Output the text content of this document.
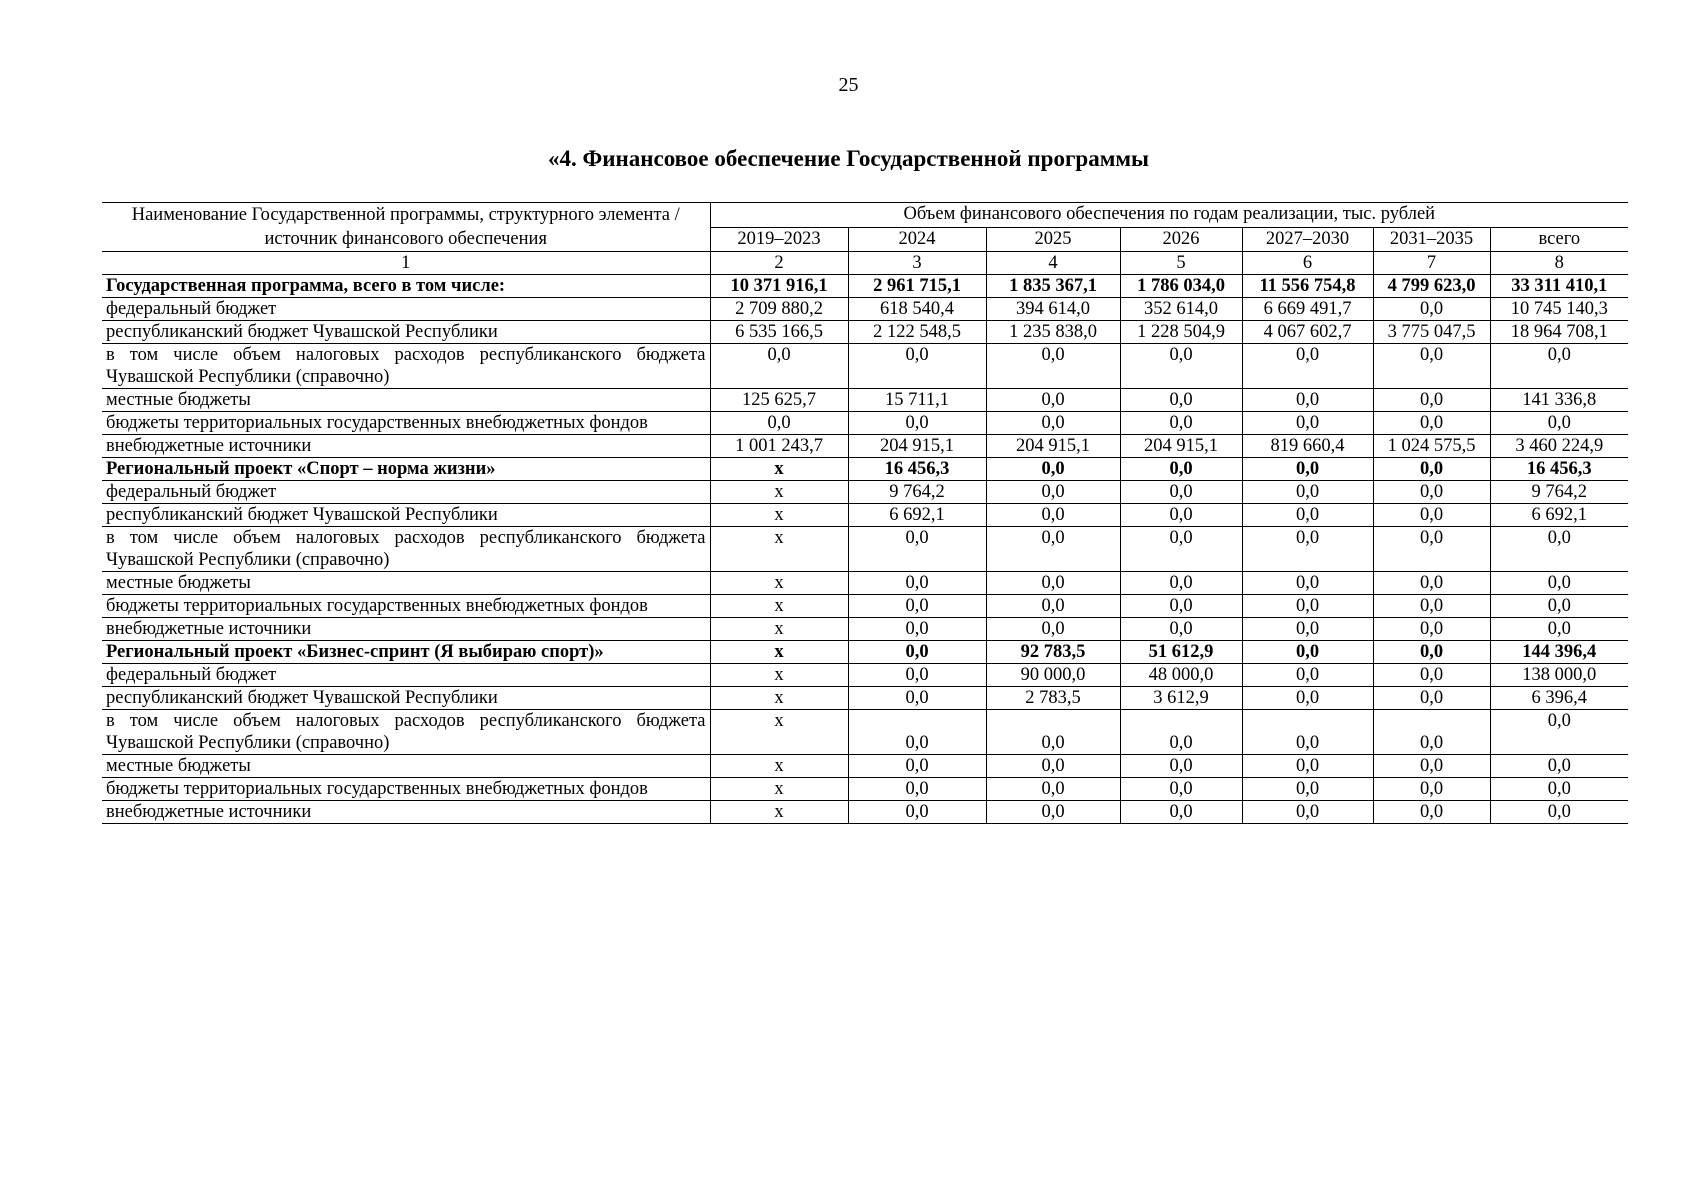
25
«4. Финансовое обеспечение Государственной программы
Наименование Государственной программы, структурного элемента / источник финансового обеспечения	Объем финансового обеспечения по годам реализации, тыс. рублей						
	2019–2023	2024	2025	2026	2027–2030	2031–2035	всего
1	2	3	4	5	6	7	8
Государственная программа, всего в том числе:	10 371 916,1	2 961 715,1	1 835 367,1	1 786 034,0	11 556 754,8	4 799 623,0	33 311 410,1
федеральный бюджет	2 709 880,2	618 540,4	394 614,0	352 614,0	6 669 491,7	0,0	10 745 140,3
республиканский бюджет Чувашской Республики	6 535 166,5	2 122 548,5	1 235 838,0	1 228 504,9	4 067 602,7	3 775 047,5	18 964 708,1
в том числе объем налоговых расходов республиканского бюджета Чувашской Республики (справочно)	0,0	0,0	0,0	0,0	0,0	0,0	0,0
местные бюджеты	125 625,7	15 711,1	0,0	0,0	0,0	0,0	141 336,8
бюджеты территориальных государственных внебюджетных фондов	0,0	0,0	0,0	0,0	0,0	0,0	0,0
внебюджетные источники	1 001 243,7	204 915,1	204 915,1	204 915,1	819 660,4	1 024 575,5	3 460 224,9
Региональный проект «Спорт – норма жизни»	х	16 456,3	0,0	0,0	0,0	0,0	16 456,3
федеральный бюджет	х	9 764,2	0,0	0,0	0,0	0,0	9 764,2
республиканский бюджет Чувашской Республики	х	6 692,1	0,0	0,0	0,0	0,0	6 692,1
в том числе объем налоговых расходов республиканского бюджета Чувашской Республики (справочно)	х	0,0	0,0	0,0	0,0	0,0	0,0
местные бюджеты	х	0,0	0,0	0,0	0,0	0,0	0,0
бюджеты территориальных государственных внебюджетных фондов	х	0,0	0,0	0,0	0,0	0,0	0,0
внебюджетные источники	х	0,0	0,0	0,0	0,0	0,0	0,0
Региональный проект «Бизнес-спринт (Я выбираю спорт)»	х	0,0	92 783,5	51 612,9	0,0	0,0	144 396,4
федеральный бюджет	х	0,0	90 000,0	48 000,0	0,0	0,0	138 000,0
республиканский бюджет Чувашской Республики	х	0,0	2 783,5	3 612,9	0,0	0,0	6 396,4
в том числе объем налоговых расходов республиканского бюджета Чувашской Республики (справочно)	х	0,0	0,0	0,0	0,0	0,0	0,0
местные бюджеты	х	0,0	0,0	0,0	0,0	0,0	0,0
бюджеты территориальных государственных внебюджетных фондов	х	0,0	0,0	0,0	0,0	0,0	0,0
внебюджетные источники	х	0,0	0,0	0,0	0,0	0,0	0,0
